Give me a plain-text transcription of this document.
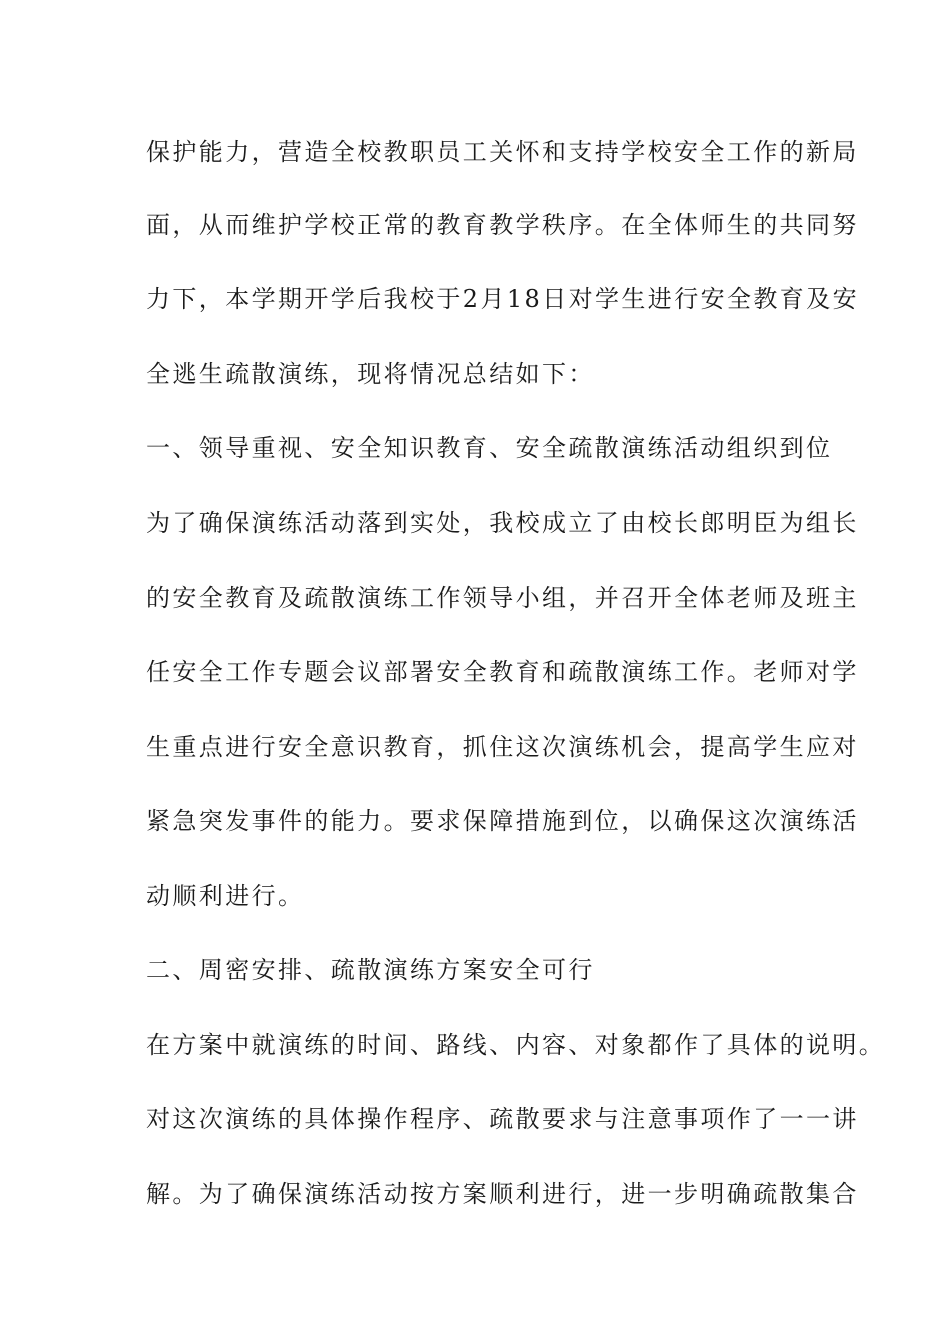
保护能力，营造全校教职员工关怀和支持学校安全工作的新局
面，从而维护学校正常的教育教学秩序。在全体师生的共同努
力下，本学期开学后我校于2月18日对学生进行安全教育及安
全逃生疏散演练，现将情况总结如下：
一、领导重视、安全知识教育、安全疏散演练活动组织到位
为了确保演练活动落到实处，我校成立了由校长郎明臣为组长
的安全教育及疏散演练工作领导小组，并召开全体老师及班主
任安全工作专题会议部署安全教育和疏散演练工作。老师对学
生重点进行安全意识教育，抓住这次演练机会，提高学生应对
紧急突发事件的能力。要求保障措施到位，以确保这次演练活
动顺利进行。
二、周密安排、疏散演练方案安全可行
在方案中就演练的时间、路线、内容、对象都作了具体的说明。
对这次演练的具体操作程序、疏散要求与注意事项作了一一讲
解。为了确保演练活动按方案顺利进行，进一步明确疏散集合
